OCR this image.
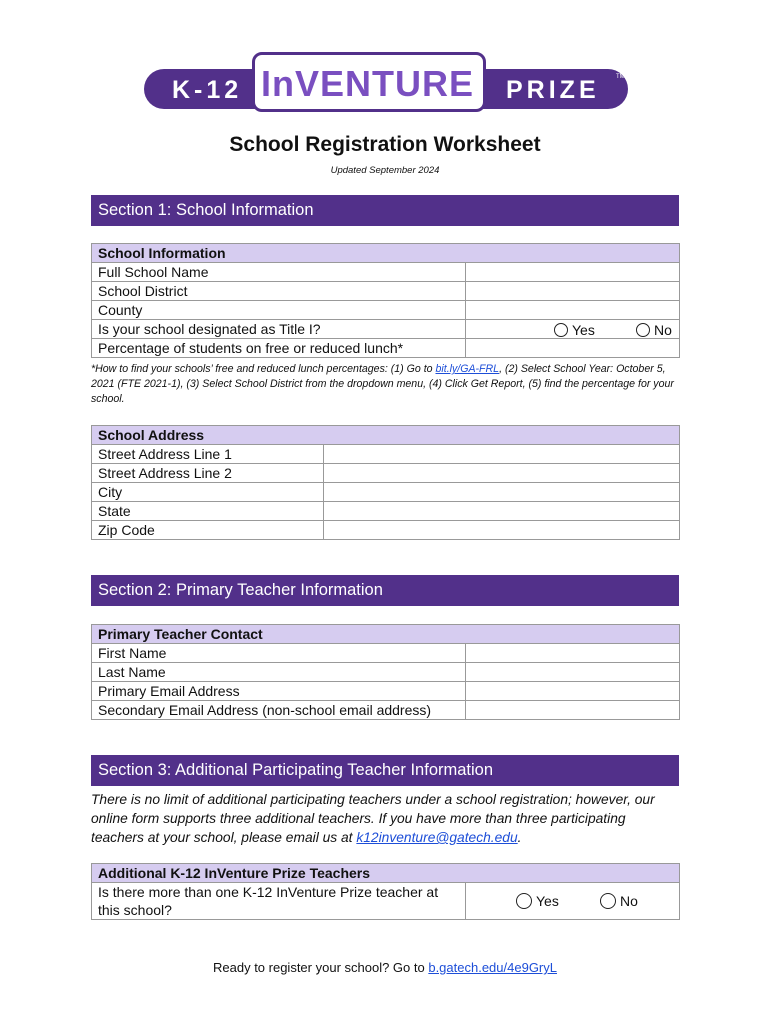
K-12 InVENTURE PRIZE	TM
School Registration Worksheet
Updated September 2024
Section 1: School Information
School Information	
Full School Name	
School District	
County	
Is your school designated as Title I?	Yes No

Percentage of students on free or reduced lunch*	
*How to find your schools’ free and reduced lunch percentages: (1) Go to bit.ly/GA-FRL, (2) Select School Year: October 5, 2021 (FTE 2021-1), (3) Select School District from the dropdown menu, (4) Click Get Report, (5) find the percentage for your school.
School Address	
Street Address Line 1	
Street Address Line 2	
City	
State	
Zip Code	
Section 2: Primary Teacher Information
Primary Teacher Contact	
First Name	
Last Name	
Primary Email Address	
Secondary Email Address (non-school email address)	
Section 3: Additional Participating Teacher Information
There is no limit of additional participating teachers under a school registration; however, our online form supports three additional teachers. If you have more than three participating teachers at your school, please email us at k12inventure@gatech.edu.
Additional K-12 InVenture Prize Teachers
Is there more than one K-12 InVenture Prize teacher at this school?	
Yes	No
Ready to register your school? Go to b.gatech.edu/4e9GryL
